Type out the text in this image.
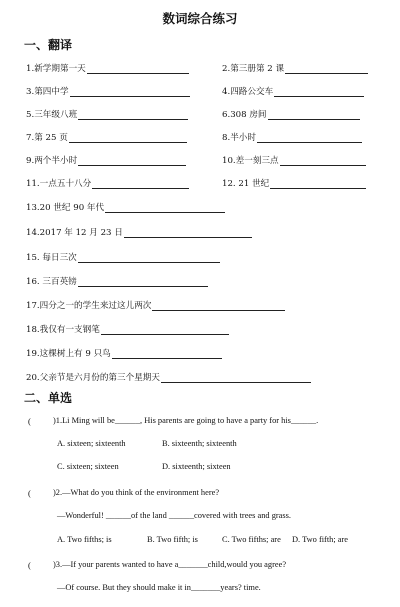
数词综合练习
一、翻译
1.新学期第一天	2.第三册第 2 课
3.第四中学	4.四路公交车
5.三年级八班	6.308 房间
7.第 25 页	8.半小时
9.两个半小时	10.差一刻三点
11.一点五十八分	12. 21 世纪
13.20 世纪 90 年代
14.2017 年 12 月 23 日
15. 每日三次
16. 三百英镑
17.四分之一的学生来过这儿两次
18.我仅有一支钢笔
19.这棵树上有 9 只鸟
20.父亲节是六月份的第三个星期天
二、单选
(	)1.Li Ming will be______, His parents are going to have a party for his______.
A. sixteen; sixteenth	B. sixteenth; sixteenth
C. sixteen; sixteen	D. sixteenth; sixteen
(	)2.—What do you think of the environment here?
—Wonderful! ______of the land ______covered with trees and grass.
A. Two fifths; is	B. Two fifth; is	C. Two fifths; are D. Two fifth; are
(	)3.—If your parents wanted to have a_______child,would you agree?
—Of course. But they should make it in_______years? time.
